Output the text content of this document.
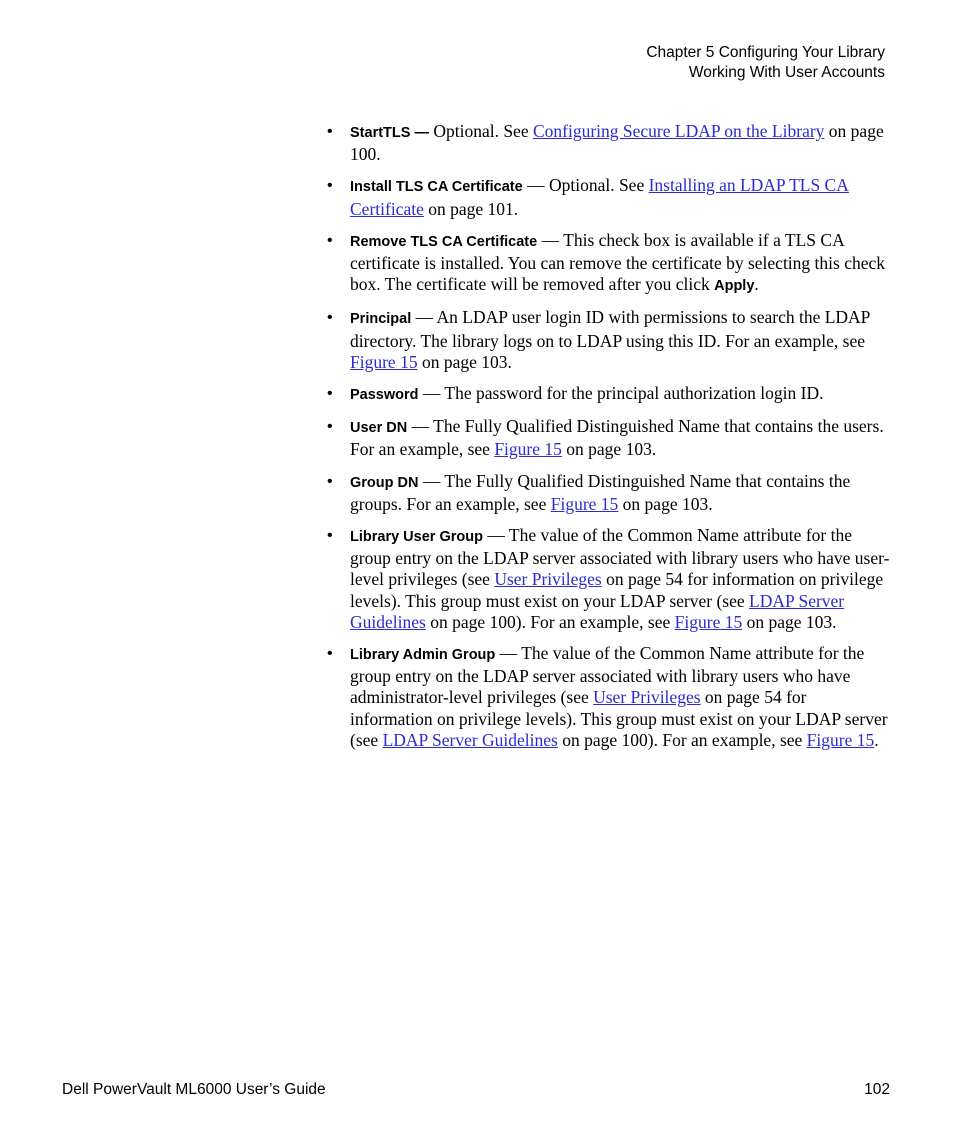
Chapter 5 Configuring Your Library
Working With User Accounts
• StartTLS — Optional. See Configuring Secure LDAP on the Library on page 100.
• Install TLS CA Certificate — Optional. See Installing an LDAP TLS CA Certificate on page 101.
• Remove TLS CA Certificate — This check box is available if a TLS CA certificate is installed. You can remove the certificate by selecting this check box. The certificate will be removed after you click Apply.
• Principal — An LDAP user login ID with permissions to search the LDAP directory. The library logs on to LDAP using this ID. For an example, see Figure 15 on page 103.
• Password — The password for the principal authorization login ID.
• User DN — The Fully Qualified Distinguished Name that contains the users. For an example, see Figure 15 on page 103.
• Group DN — The Fully Qualified Distinguished Name that contains the groups. For an example, see Figure 15 on page 103.
• Library User Group — The value of the Common Name attribute for the group entry on the LDAP server associated with library users who have user-level privileges (see User Privileges on page 54 for information on privilege levels). This group must exist on your LDAP server (see LDAP Server Guidelines on page 100). For an example, see Figure 15 on page 103.
• Library Admin Group — The value of the Common Name attribute for the group entry on the LDAP server associated with library users who have administrator-level privileges (see User Privileges on page 54 for information on privilege levels). This group must exist on your LDAP server (see LDAP Server Guidelines on page 100). For an example, see Figure 15.
Dell PowerVault ML6000 User’s Guide	102
